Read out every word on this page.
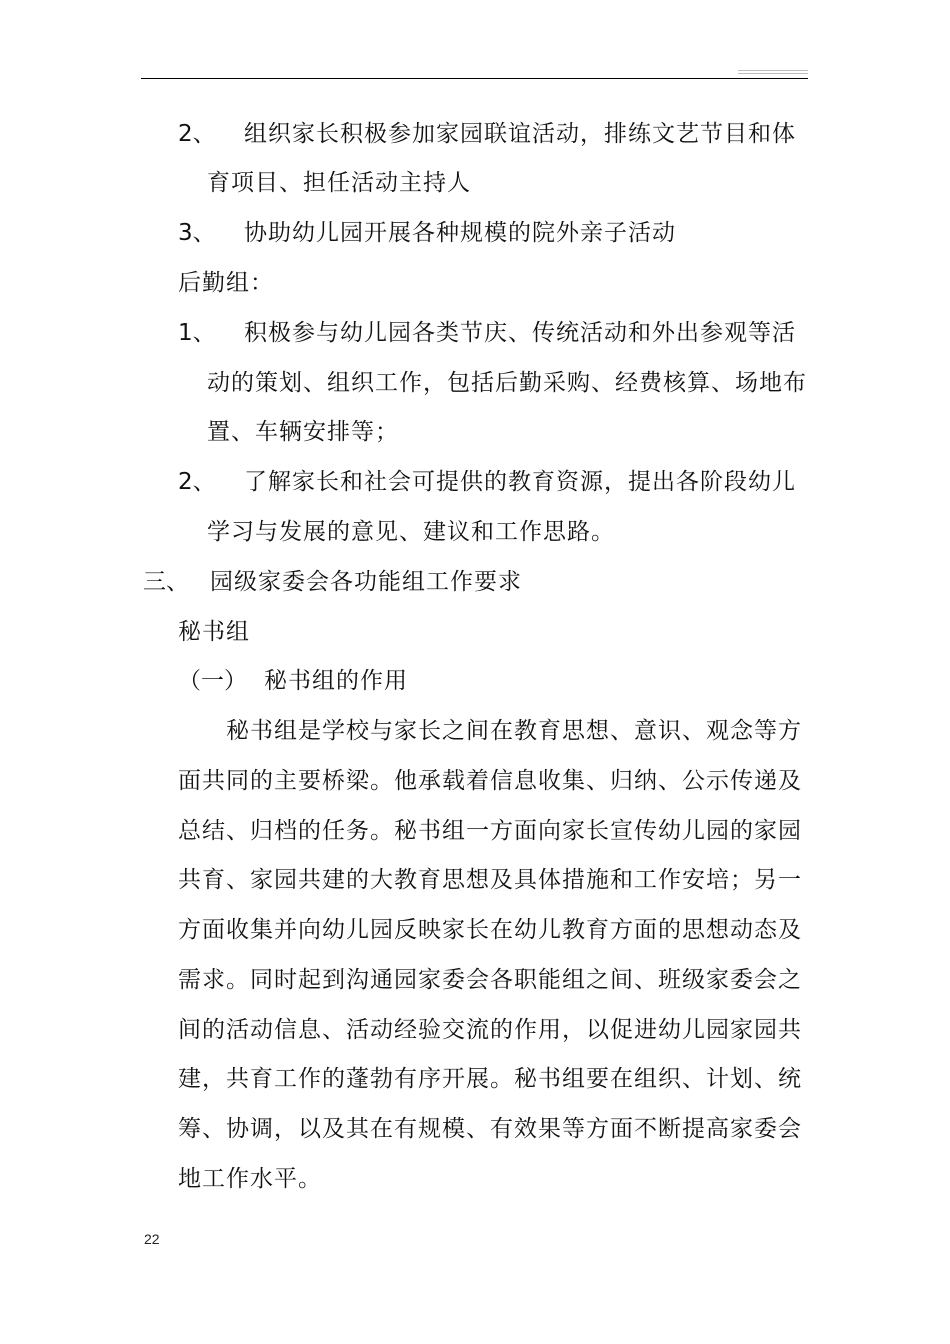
2、 组织家长积极参加家园联谊活动，排练文艺节目和体
育项目、担任活动主持人
3、 协助幼儿园开展各种规模的院外亲子活动
后勤组：
1、 积极参与幼儿园各类节庆、传统活动和外出参观等活
动的策划、组织工作，包括后勤采购、经费核算、场地布
置、车辆安排等；
2、 了解家长和社会可提供的教育资源，提出各阶段幼儿
学习与发展的意见、建议和工作思路。
三、 园级家委会各功能组工作要求
秘书组
（一） 秘书组的作用
秘书组是学校与家长之间在教育思想、意识、观念等方
面共同的主要桥梁。他承载着信息收集、归纳、公示传递及
总结、归档的任务。秘书组一方面向家长宣传幼儿园的家园
共育、家园共建的大教育思想及具体措施和工作安培；另一
方面收集并向幼儿园反映家长在幼儿教育方面的思想动态及
需求。同时起到沟通园家委会各职能组之间、班级家委会之
间的活动信息、活动经验交流的作用，以促进幼儿园家园共
建，共育工作的蓬勃有序开展。秘书组要在组织、计划、统
筹、协调，以及其在有规模、有效果等方面不断提高家委会
地工作水平。
22
